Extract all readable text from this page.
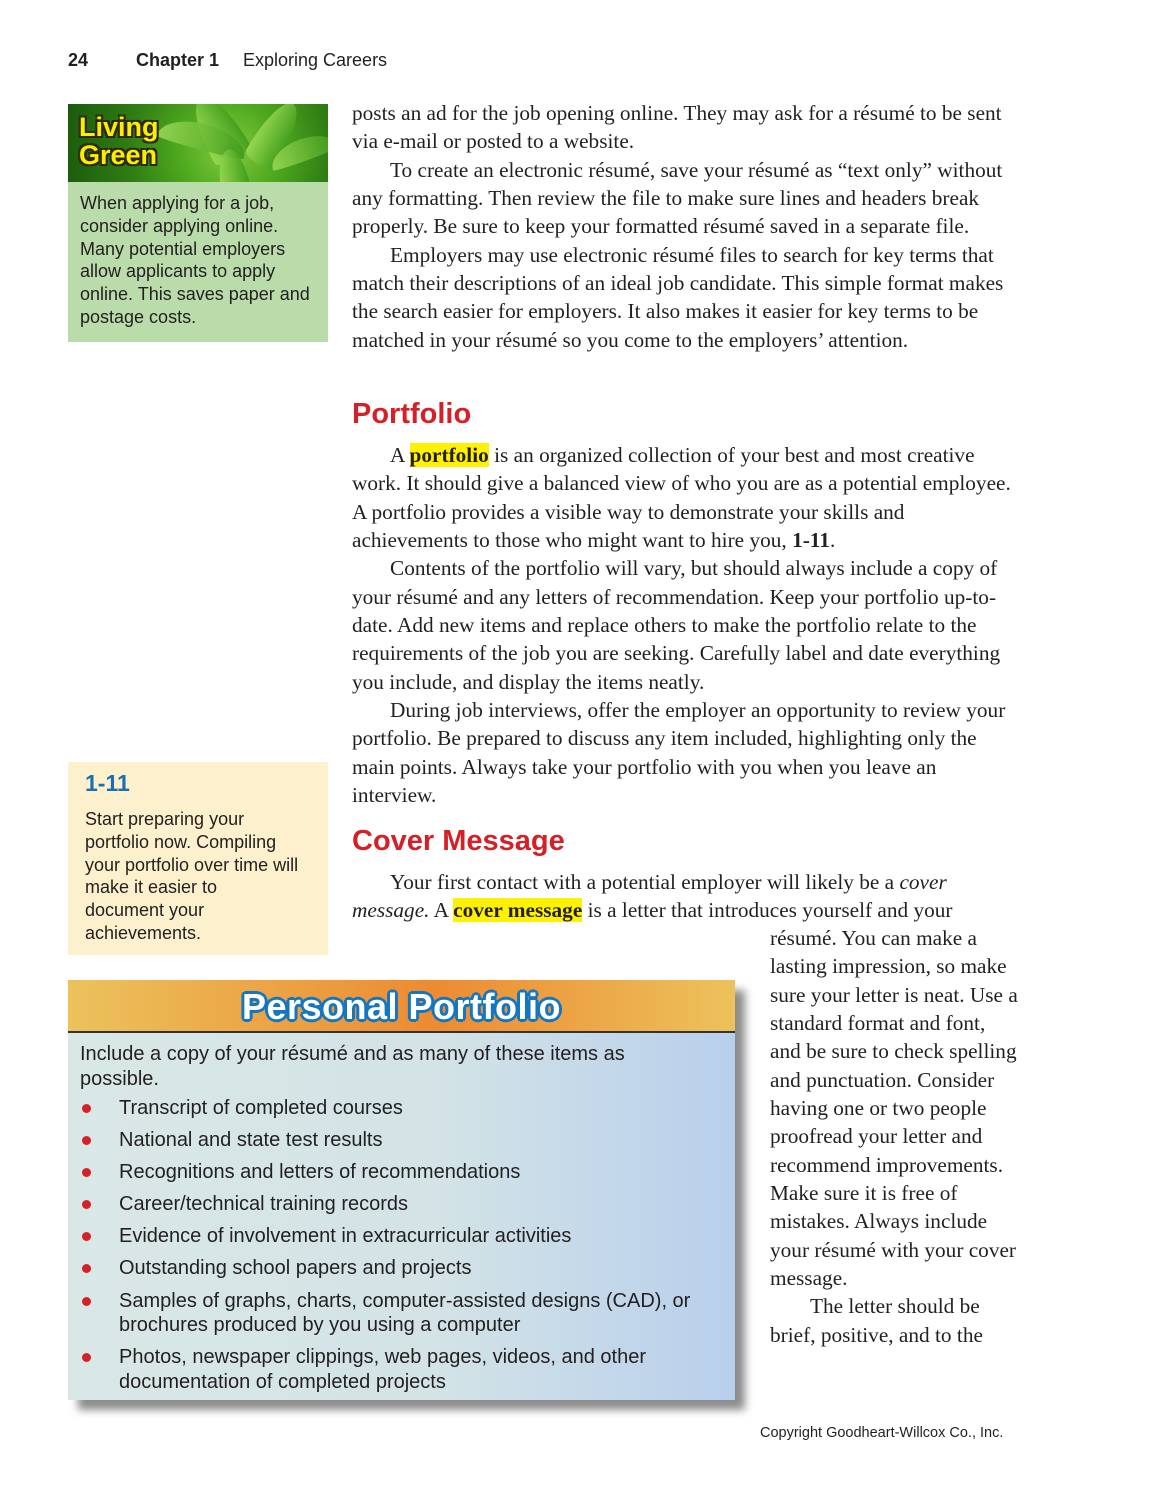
24	Chapter 1 Exploring Careers
Living
Green
When applying for a job, consider applying online. Many potential employers allow applicants to apply online. This saves paper and postage costs.
1-11
Start preparing your portfolio now. Compiling your portfolio over time will make it easier to document your achievements.

posts an ad for the job opening online. They may ask for a résumé to be sent via e-mail or posted to a website.

To create an electronic résumé, save your résumé as “text only” without any formatting. Then review the file to make sure lines and headers break properly. Be sure to keep your formatted résumé saved in a separate file.

Employers may use electronic résumé files to search for key terms that match their descriptions of an ideal job candidate. This simple format makes the search easier for employers. It also makes it easier for key terms to be matched in your résumé so you come to the employers’ attention.

Portfolio

A portfolio is an organized collection of your best and most creative work. It should give a balanced view of who you are as a potential employee. A portfolio provides a visible way to demonstrate your skills and achievements to those who might want to hire you, 1-11.

Contents of the portfolio will vary, but should always include a copy of your résumé and any letters of recommendation. Keep your portfolio up-to-date. Add new items and replace others to make the portfolio relate to the requirements of the job you are seeking. Carefully label and date everything you include, and display the items neatly.

During job interviews, offer the employer an opportunity to review your portfolio. Be prepared to discuss any item included, highlighting only the main points. Always take your portfolio with you when you leave an interview.

Cover Message

Your first contact with a potential employer will likely be a cover message. A cover message is a letter that introduces yourself and your

résumé. You can make a lasting impression, so make sure your letter is neat. Use a standard format and font, and be sure to check spelling and punctuation. Consider having one or two people proofread your letter and recommend improvements. Make sure it is free of mistakes. Always include your résumé with your cover message.

The letter should be brief, positive, and to the

Personal Portfolio
Include a copy of your résumé and as many of these items as possible.
Transcript of completed courses
National and state test results
Recognitions and letters of recommendations
Career/technical training records
Evidence of involvement in extracurricular activities
Outstanding school papers and projects
Samples of graphs, charts, computer-assisted designs (CAD), or brochures produced by you using a computer
Photos, newspaper clippings, web pages, videos, and other documentation of completed projects
Copyright Goodheart-Willcox Co., Inc.
